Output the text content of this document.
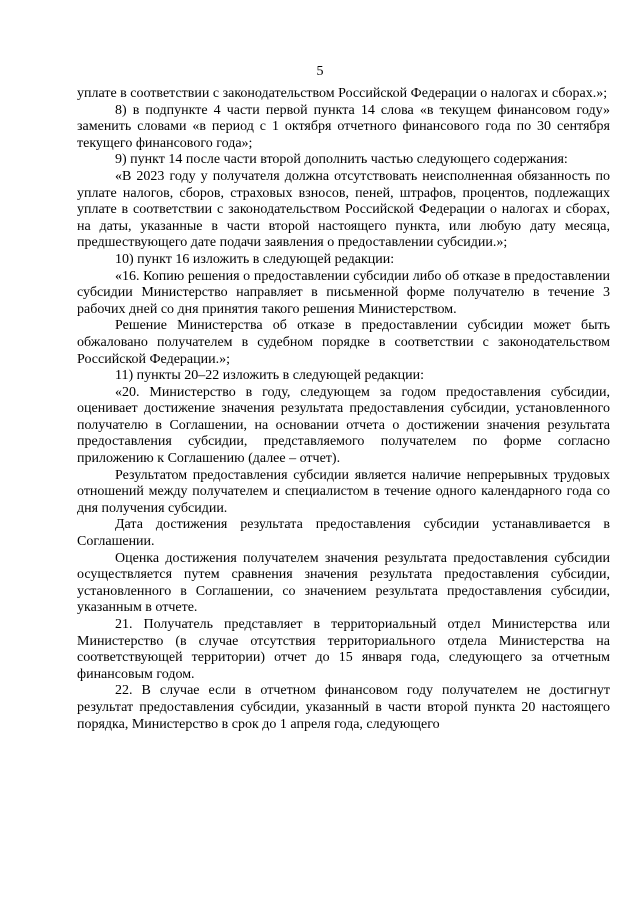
5

уплате в соответствии с законодательством Российской Федерации о налогах и сборах.»;

8) в подпункте 4 части первой пункта 14 слова «в текущем финансовом году» заменить словами «в период с 1 октября отчетного финансового года по 30 сентября текущего финансового года»;

9) пункт 14 после части второй дополнить частью следующего содержания:

«В 2023 году у получателя должна отсутствовать неисполненная обязанность по уплате налогов, сборов, страховых взносов, пеней, штрафов, процентов, подлежащих уплате в соответствии с законодательством Российской Федерации о налогах и сборах, на даты, указанные в части второй настоящего пункта, или любую дату месяца, предшествующего дате подачи заявления о предоставлении субсидии.»;

10) пункт 16 изложить в следующей редакции:

«16. Копию решения о предоставлении субсидии либо об отказе в предоставлении субсидии Министерство направляет в письменной форме получателю в течение 3 рабочих дней со дня принятия такого решения Министерством.

Решение Министерства об отказе в предоставлении субсидии может быть обжаловано получателем в судебном порядке в соответствии с законодательством Российской Федерации.»;

11) пункты 20–22 изложить в следующей редакции:

«20. Министерство в году, следующем за годом предоставления субсидии, оценивает достижение значения результата предоставления субсидии, установленного получателю в Соглашении, на основании отчета о достижении значения результата предоставления субсидии, представляемого получателем по форме согласно приложению к Соглашению (далее – отчет).

Результатом предоставления субсидии является наличие непрерывных трудовых отношений между получателем и специалистом в течение одного календарного года со дня получения субсидии.

Дата достижения результата предоставления субсидии устанавливается в Соглашении.

Оценка достижения получателем значения результата предоставления субсидии осуществляется путем сравнения значения результата предоставления субсидии, установленного в Соглашении, со значением результата предоставления субсидии, указанным в отчете.

21. Получатель представляет в территориальный отдел Министерства или Министерство (в случае отсутствия территориального отдела Министерства на соответствующей территории) отчет до 15 января года, следующего за отчетным финансовым годом.

22. В случае если в отчетном финансовом году получателем не достигнут результат предоставления субсидии, указанный в части второй пункта 20 настоящего порядка, Министерство в срок до 1 апреля года, следующего
